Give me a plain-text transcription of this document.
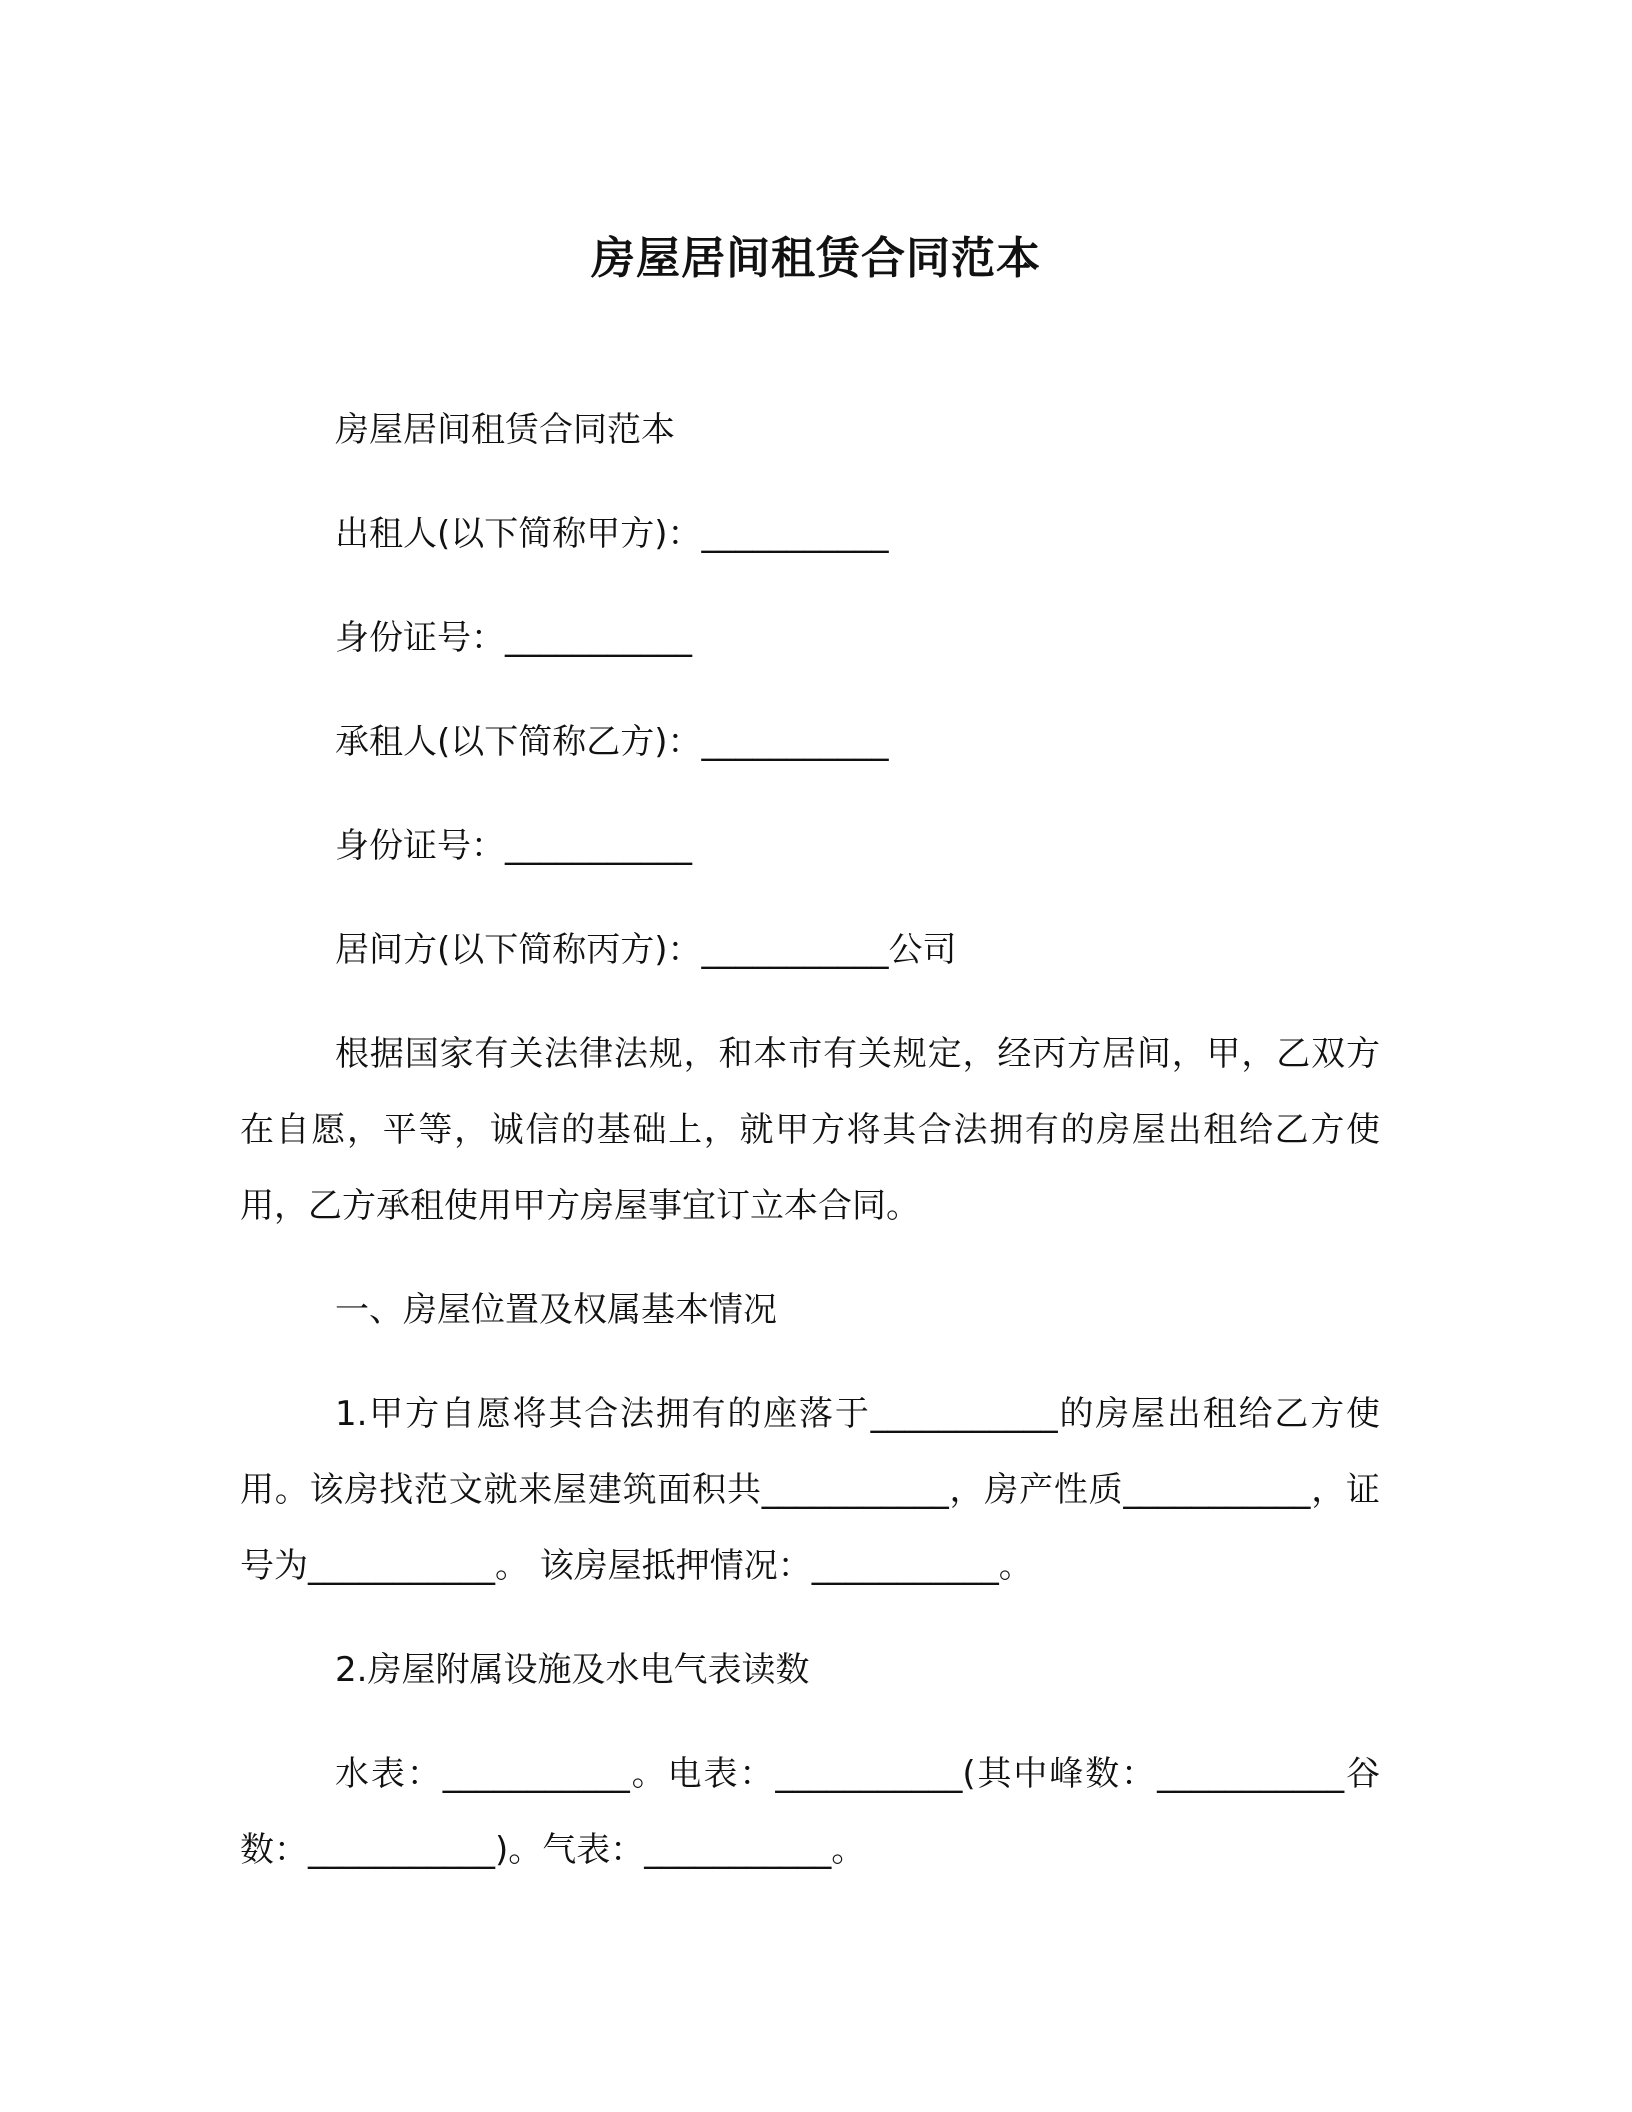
房屋居间租赁合同范本

房屋居间租赁合同范本

出租人(以下简称甲方)：___________

身份证号：___________

承租人(以下简称乙方)：___________

身份证号：___________

居间方(以下简称丙方)：___________公司

根据国家有关法律法规，和本市有关规定，经丙方居间，甲，乙双方在自愿，平等，诚信的基础上，就甲方将其合法拥有的房屋出租给乙方使用，乙方承租使用甲方房屋事宜订立本合同。

一、房屋位置及权属基本情况

1.甲方自愿将其合法拥有的座落于___________的房屋出租给乙方使用。该房找范文就来屋建筑面积共___________，房产性质___________，证号为___________。 该房屋抵押情况：___________。

2.房屋附属设施及水电气表读数

水表：___________。电表：___________(其中峰数：___________谷数：___________)。气表：___________。
